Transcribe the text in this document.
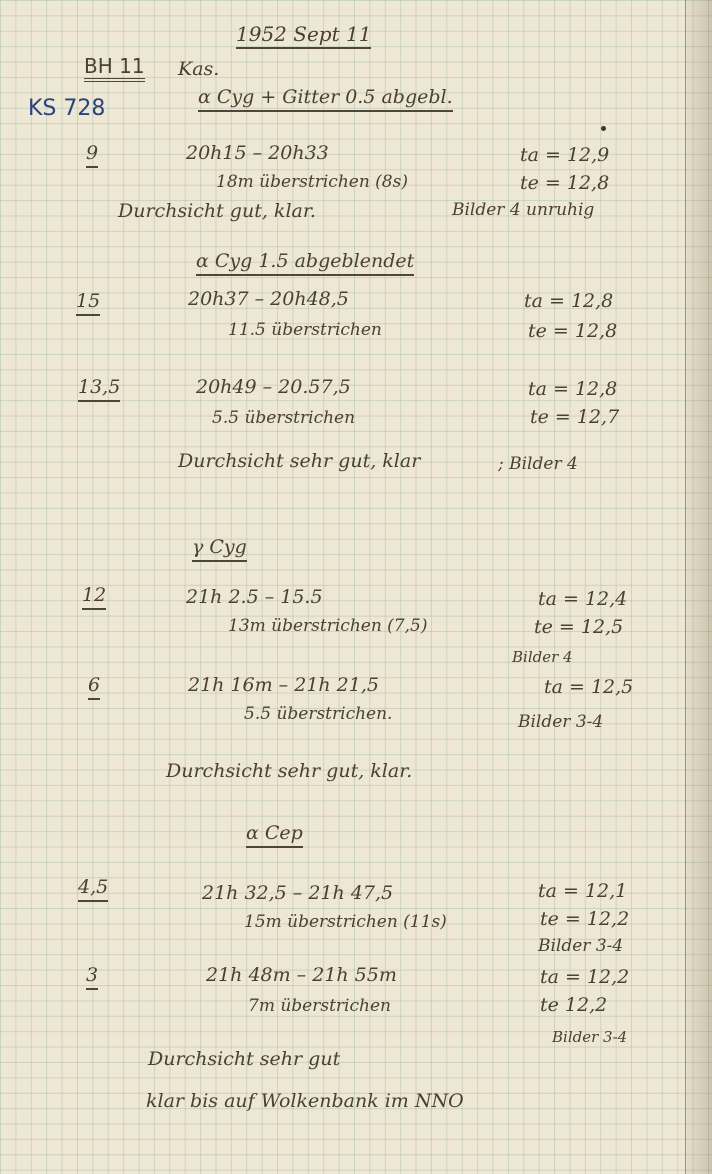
1952 Sept 11
BH 11 Kas.
KS 728	α Cyg + Gitter 0.5 abgebl.
9	20h15 – 20h33
18m überstrichen (8s)
ta = 12,9
te = 12,8
Durchsicht gut, klar.	Bilder 4 unruhig
α Cyg 1.5 abgeblendet
15	20h37 – 20h48,5
11.5 überstrichen
ta = 12,8
te = 12,8
13,5	20h49 – 20.57,5
5.5 überstrichen
ta = 12,8
te = 12,7
Durchsicht sehr gut, klar	; Bilder 4
γ Cyg
12	21h 2.5 – 15.5
13m überstrichen (7,5)
ta = 12,4
te = 12,5
Bilder 4
6	21h 16m – 21h 21,5
5.5 überstrichen.
ta = 12,5
Bilder 3-4
Durchsicht sehr gut, klar.
α Cep
4,5	21h 32,5 – 21h 47,5
15m überstrichen (11s)
ta = 12,1
te = 12,2
Bilder 3-4
3	21h 48m – 21h 55m
7m überstrichen
ta = 12,2
te 12,2
Bilder 3-4
Durchsicht sehr gut
klar bis auf Wolkenbank im NNO
